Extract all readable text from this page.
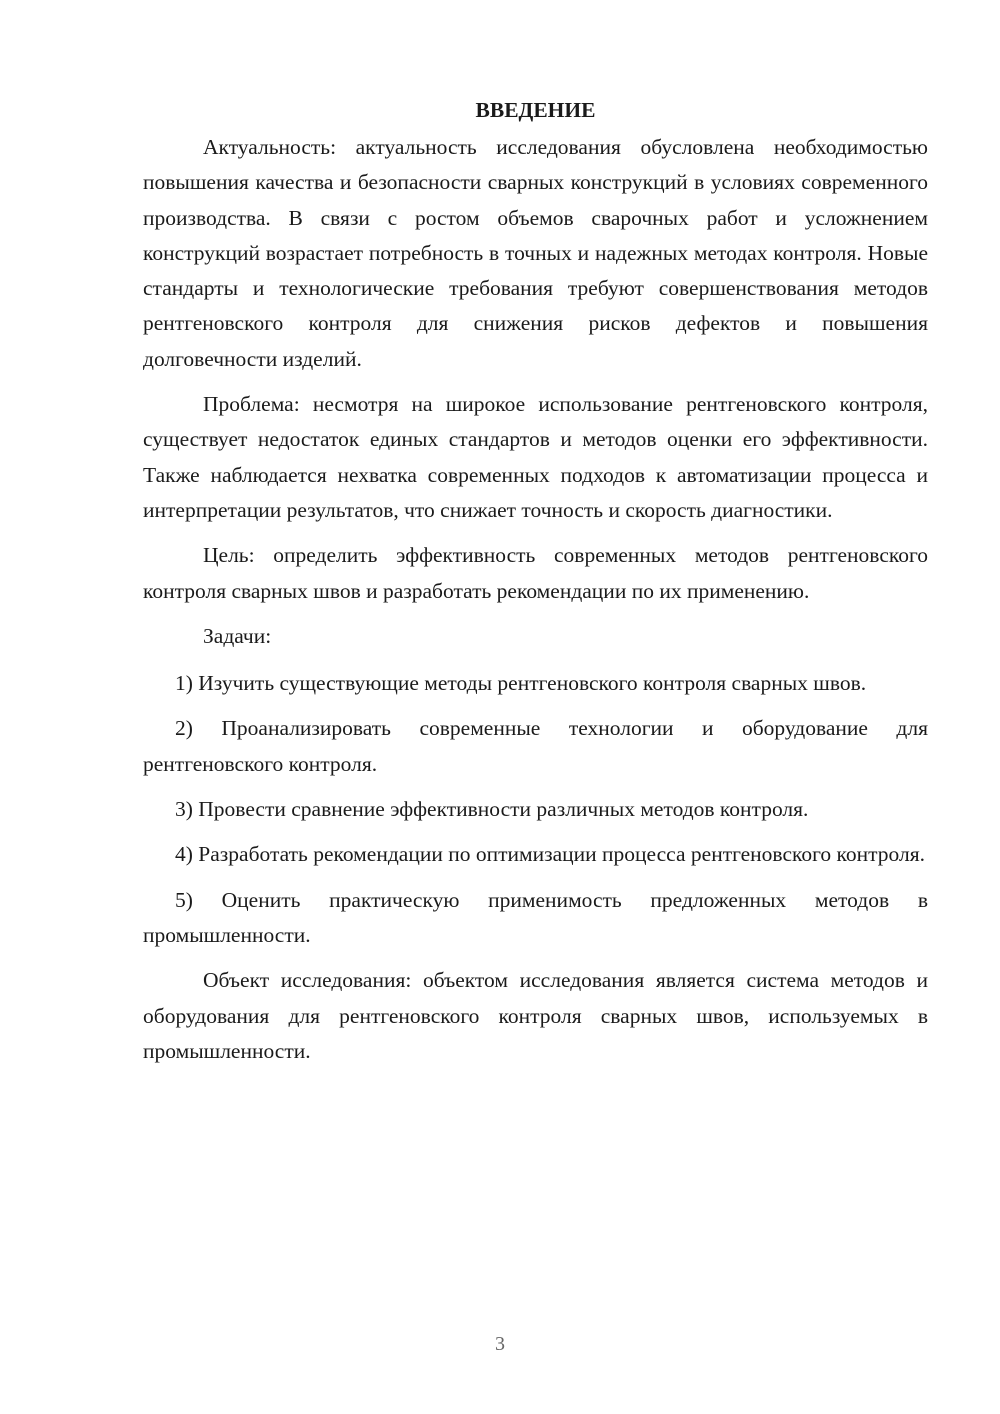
ВВЕДЕНИЕ

Актуальность: актуальность исследования обусловлена необходимостью повышения качества и безопасности сварных конструкций в условиях современного производства. В связи с ростом объемов сварочных работ и усложнением конструкций возрастает потребность в точных и надежных методах контроля. Новые стандарты и технологические требования требуют совершенствования методов рентгеновского контроля для снижения рисков дефектов и повышения долговечности изделий.

Проблема: несмотря на широкое использование рентгеновского контроля, существует недостаток единых стандартов и методов оценки его эффективности. Также наблюдается нехватка современных подходов к автоматизации процесса и интерпретации результатов, что снижает точность и скорость диагностики.

Цель: определить эффективность современных методов рентгеновского контроля сварных швов и разработать рекомендации по их применению.

Задачи:

1) Изучить существующие методы рентгеновского контроля сварных швов.

2) Проанализировать современные технологии и оборудование для рентгеновского контроля.

3) Провести сравнение эффективности различных методов контроля.

4) Разработать рекомендации по оптимизации процесса рентгеновского контроля.

5) Оценить практическую применимость предложенных методов в промышленности.

Объект исследования: объектом исследования является система методов и оборудования для рентгеновского контроля сварных швов, используемых в промышленности.

3
